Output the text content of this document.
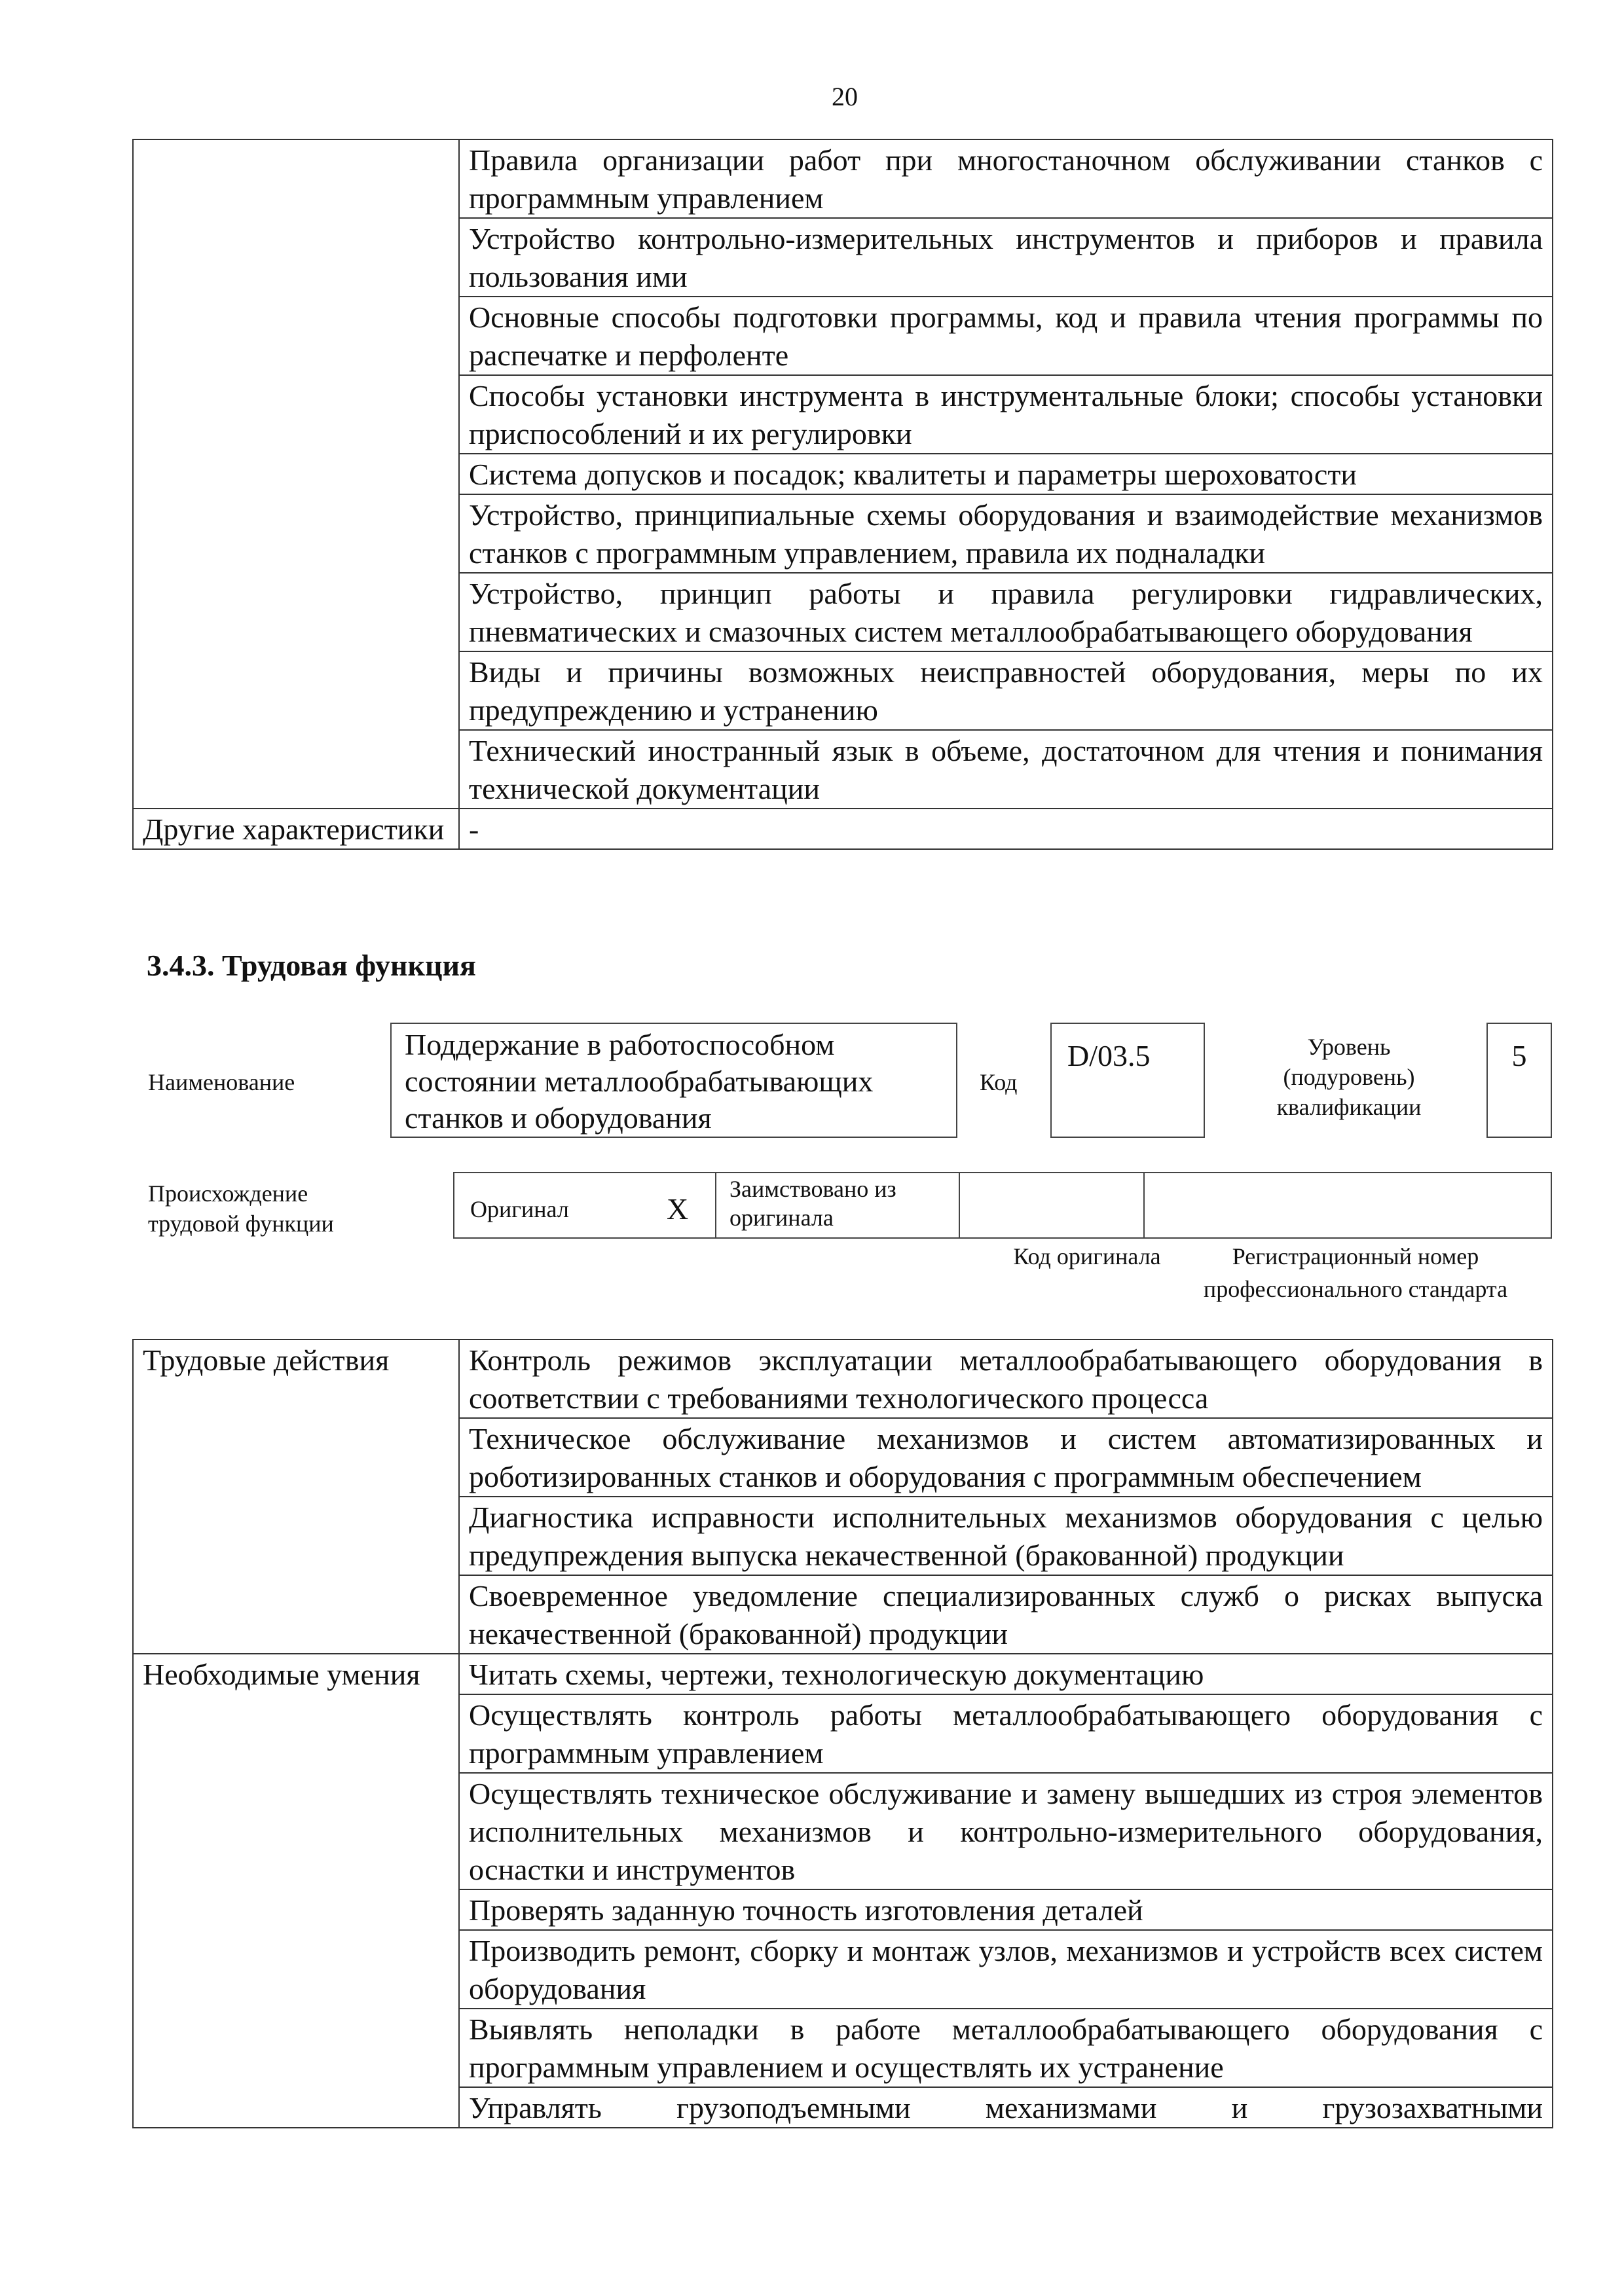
20
	Правила организации работ при многостаночном обслуживании станков с программным управлением
	Устройство контрольно-измерительных инструментов и приборов и правила пользования ими
	Основные способы подготовки программы, код и правила чтения программы по распечатке и перфоленте
	Способы установки инструмента в инструментальные блоки; способы установки приспособлений и их регулировки
	Система допусков и посадок; квалитеты и параметры шероховатости
	Устройство, принципиальные схемы оборудования и взаимодействие механизмов станков с программным управлением, правила их подналадки
	Устройство, принцип работы и правила регулировки гидравлических, пневматических и смазочных систем металлообрабатывающего оборудования
	Виды и причины возможных неисправностей оборудования, меры по их предупреждению и устранению
	Технический иностранный язык в объеме, достаточном для чтения и понимания технической документации
Другие характеристики	-
3.4.3. Трудовая функция
Наименование
Поддержание в работоспособном состоянии металлообрабатывающих станков и оборудования
Код
D/03.5	Уровень (подуровень) квалификации
5
Происхождение трудовой функции
Оригинал	X
Заимствовано из оригинала
Код оригинала	Регистрационный номер профессионального стандарта
Трудовые действия	Контроль режимов эксплуатации металлообрабатывающего оборудования в соответствии с требованиями технологического процесса
	Техническое обслуживание механизмов и систем автоматизированных и роботизированных станков и оборудования с программным обеспечением
	Диагностика исправности исполнительных механизмов оборудования с целью предупреждения выпуска некачественной (бракованной) продукции
	Своевременное уведомление специализированных служб о рисках выпуска некачественной (бракованной) продукции
Необходимые умения	Читать схемы, чертежи, технологическую документацию
	Осуществлять контроль работы металлообрабатывающего оборудования с программным управлением
	Осуществлять техническое обслуживание и замену вышедших из строя элементов исполнительных механизмов и контрольно-измерительного оборудования, оснастки и инструментов
	Проверять заданную точность изготовления деталей
	Производить ремонт, сборку и монтаж узлов, механизмов и устройств всех систем оборудования
	Выявлять неполадки в работе металлообрабатывающего оборудования с программным управлением и осуществлять их устранение
	Управлять грузоподъемными механизмами и грузозахватными
